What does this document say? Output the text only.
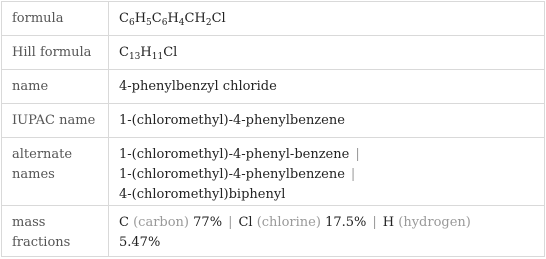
formula	$C_6H_5C_6H_4CH_2Cl$
Hill formula	$C_{13}H_{11}Cl$
name	4-phenylbenzyl chloride
IUPAC name	1-(chloromethyl)-4-phenylbenzene
alternate names	1-(chloromethyl)-4-phenyl-benzene |
1-(chloromethyl)-4-phenylbenzene |
4-(chloromethyl)biphenyl
mass fractions	C (carbon) 77% | Cl (chlorine) 17.5% | H (hydrogen)
5.47%
